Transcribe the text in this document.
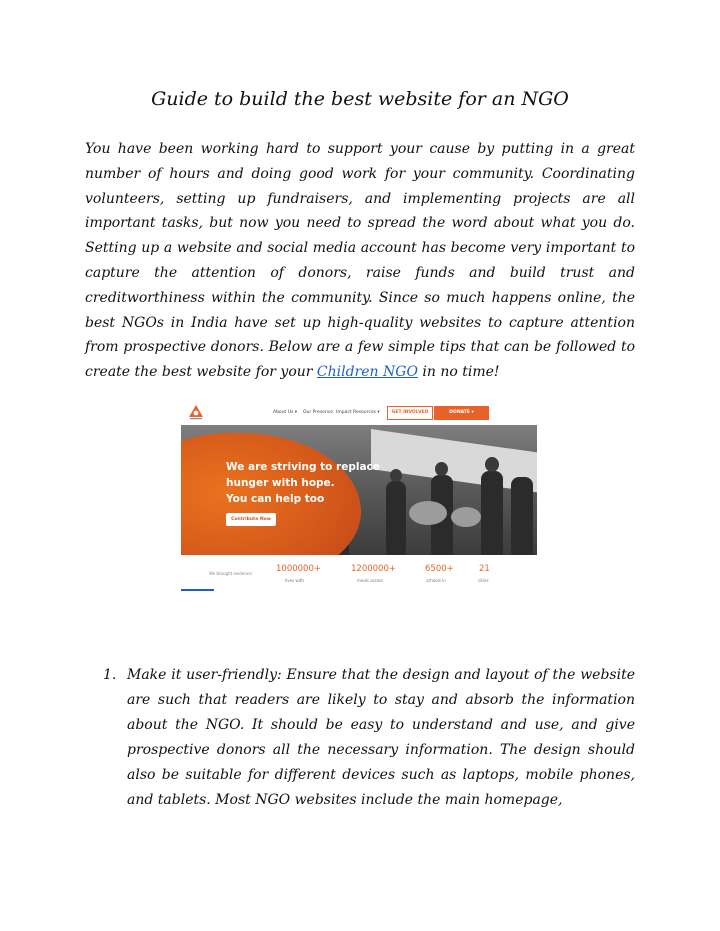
Guide to build the best website for an NGO

You have been working hard to support your cause by putting in a great number of hours and doing good work for your community. Coordinating volunteers, setting up fundraisers, and implementing projects are all important tasks, but now you need to spread the word about what you do. Setting up a website and social media account has become very important to capture the attention of donors, raise funds and build trust and creditworthiness within the community. Since so much happens online, the best NGOs in India have set up high-quality websites to capture attention from prospective donors. Below are a few simple tips that can be followed to create the best website for your Children NGO in no time!

About Us ▾ Our Presence Impact Resources ▾	GET INVOLVED	DONATE ▾
We are striving to replace
hunger with hope.
You can help too
Contribute Now
We brought evidence:	1000000+
lives with
1200000+
meals across
6500+
schools in
21
cities
1. Make it user-friendly: Ensure that the design and layout of the website are such that readers are likely to stay and absorb the information about the NGO. It should be easy to understand and use, and give prospective donors all the necessary information. The design should also be suitable for different devices such as laptops, mobile phones, and tablets. Most NGO websites include the main homepage,
